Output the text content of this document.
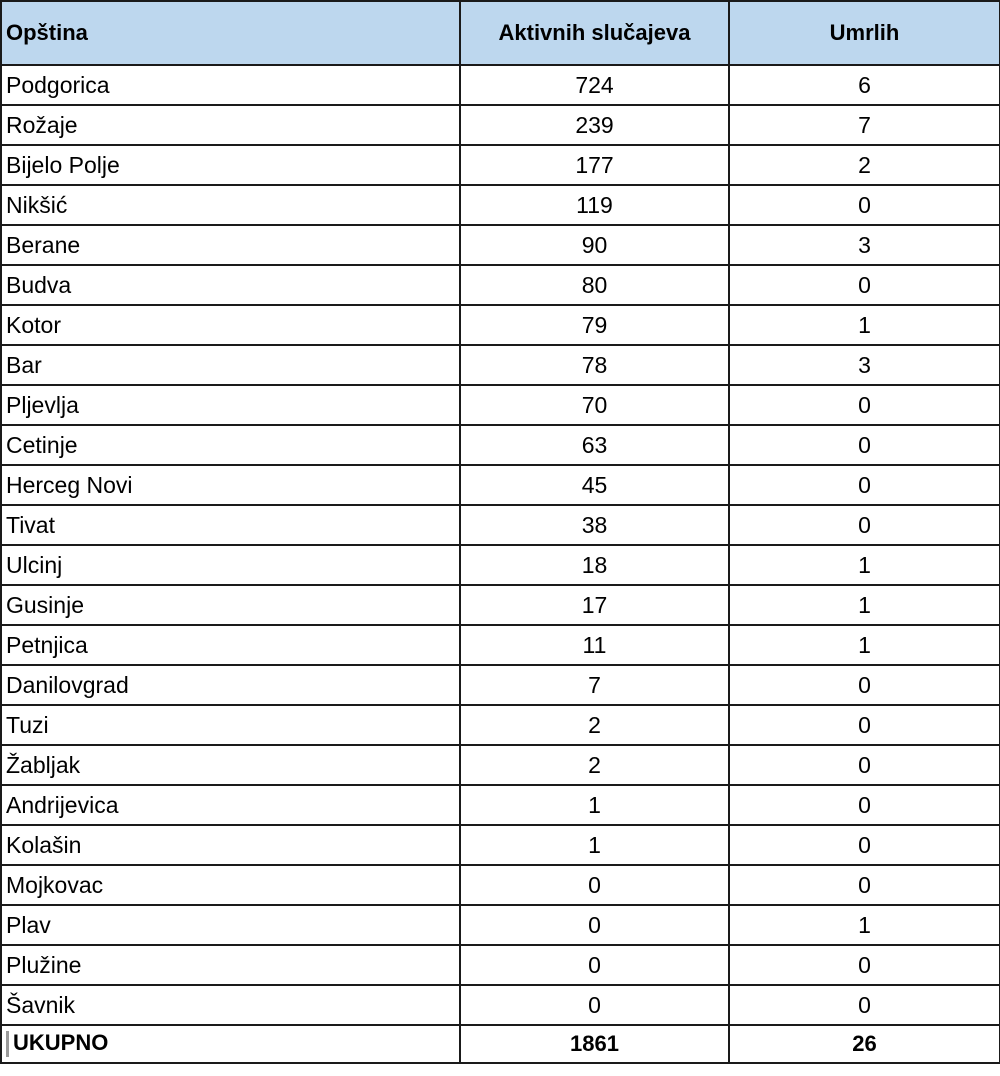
Opština	Aktivnih slučajeva	Umrlih
Podgorica	724	6
Rožaje	239	7
Bijelo Polje	177	2
Nikšić	119	0
Berane	90	3
Budva	80	0
Kotor	79	1
Bar	78	3
Pljevlja	70	0
Cetinje	63	0
Herceg Novi	45	0
Tivat	38	0
Ulcinj	18	1
Gusinje	17	1
Petnjica	11	1
Danilovgrad	7	0
Tuzi	2	0
Žabljak	2	0
Andrijevica	1	0
Kolašin	1	0
Mojkovac	0	0
Plav	0	1
Plužine	0	0
Šavnik	0	0
UKUPNO	1861	26
